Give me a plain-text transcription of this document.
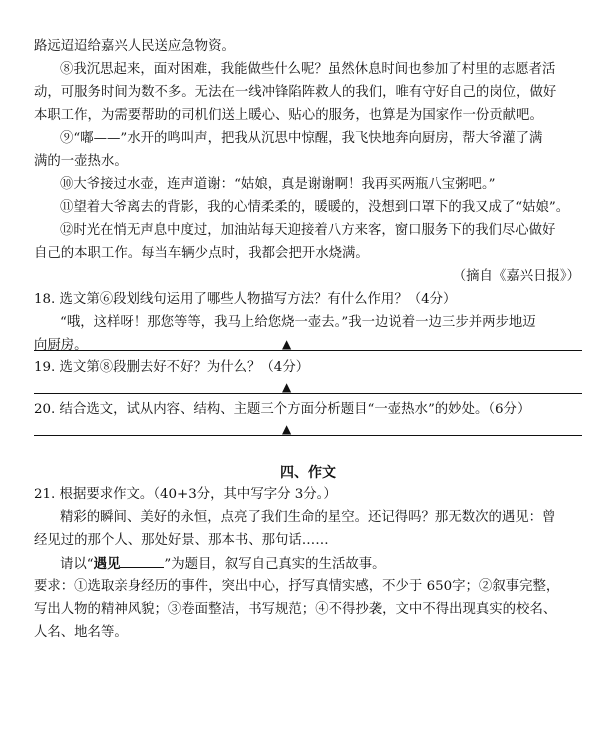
路远迢迢给嘉兴人民送应急物资。
⑧我沉思起来，面对困难，我能做些什么呢？虽然休息时间也参加了村里的志愿者活
动，可服务时间为数不多。无法在一线冲锋陷阵救人的我们，唯有守好自己的岗位，做好
本职工作，为需要帮助的司机们送上暖心、贴心的服务，也算是为国家作一份贡献吧。
⑨“嘟——”水开的鸣叫声，把我从沉思中惊醒，我飞快地奔向厨房，帮大爷灌了满
满的一壶热水。
⑩大爷接过水壶，连声道谢：“姑娘，真是谢谢啊！我再买两瓶八宝粥吧。”
⑪望着大爷离去的背影，我的心情柔柔的，暖暖的，没想到口罩下的我又成了“姑娘”。
⑫时光在悄无声息中度过，加油站每天迎接着八方来客，窗口服务下的我们尽心做好
自己的本职工作。每当车辆少点时，我都会把开水烧满。
（摘自《嘉兴日报》）
18. 选文第⑥段划线句运用了哪些人物描写方法？有什么作用？（4分）
“哦，这样呀！那您等等，我马上给您烧一壶去。”我一边说着一边三步并两步地迈
向厨房。	▲
19. 选文第⑧段删去好不好？为什么？（4分）
▲
20. 结合选文，试从内容、结构、主题三个方面分析题目“一壶热水”的妙处。（6分）
▲
四、作文
21. 根据要求作文。（40+3分，其中写字分 3分。）
精彩的瞬间、美好的永恒，点亮了我们生命的星空。还记得吗？那无数次的遇见：曾
经见过的那个人、那处好景、那本书、那句话……
请以“遇见	”为题目，叙写自己真实的生活故事。
要求：①选取亲身经历的事件，突出中心，抒写真情实感，不少于 650字；②叙事完整，
写出人物的精神风貌；③卷面整洁，书写规范；④不得抄袭，文中不得出现真实的校名、
人名、地名等。
